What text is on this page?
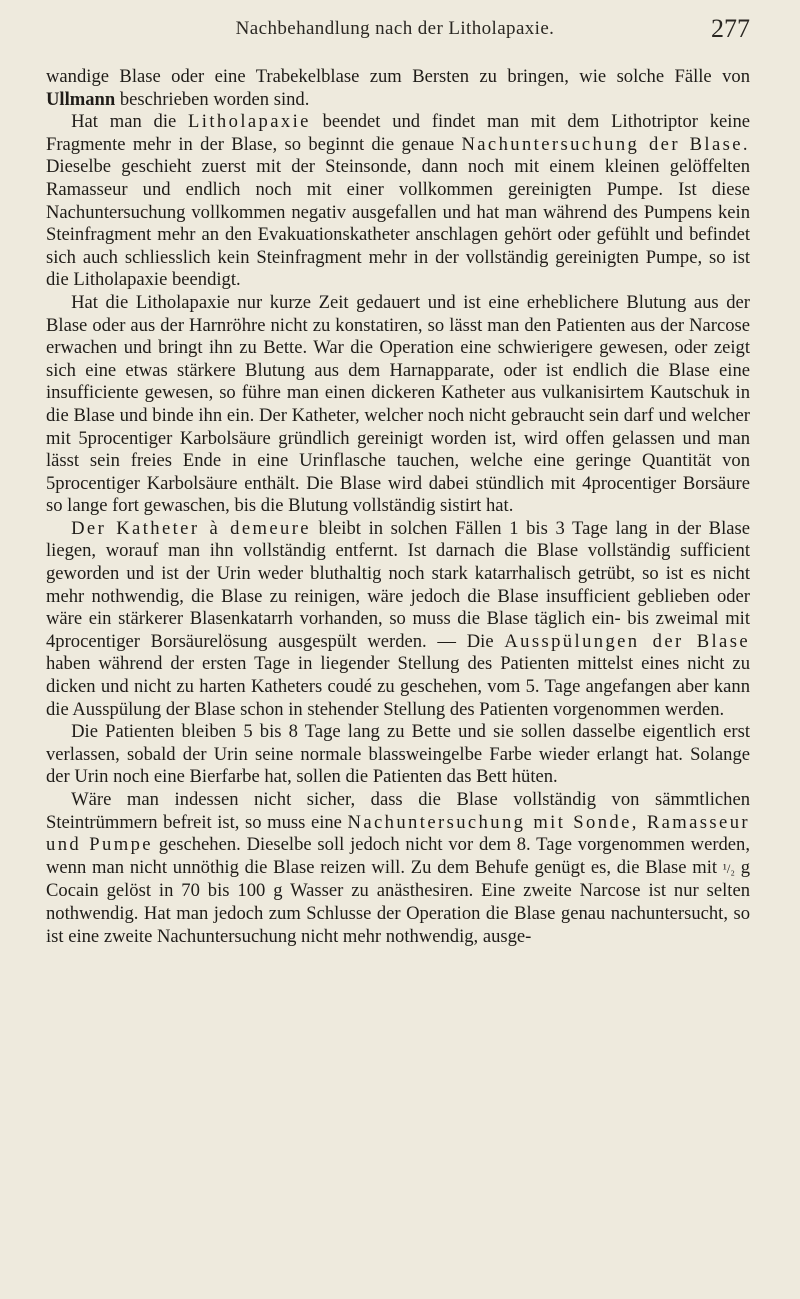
Nachbehandlung nach der Litholapaxie.	277

wandige Blase oder eine Trabekelblase zum Bersten zu bringen, wie solche Fälle von Ullmann beschrieben worden sind.

Hat man die Litholapaxie beendet und findet man mit dem Lithotriptor keine Fragmente mehr in der Blase, so beginnt die genaue Nachuntersuchung der Blase. Dieselbe geschieht zuerst mit der Steinsonde, dann noch mit einem kleinen gelöffelten Ramasseur und endlich noch mit einer vollkommen gereinigten Pumpe. Ist diese Nachuntersuchung vollkommen negativ ausgefallen und hat man während des Pumpens kein Steinfragment mehr an den Evakuationskatheter anschlagen gehört oder gefühlt und befindet sich auch schliesslich kein Steinfragment mehr in der vollständig gereinigten Pumpe, so ist die Litholapaxie beendigt.

Hat die Litholapaxie nur kurze Zeit gedauert und ist eine erheblichere Blutung aus der Blase oder aus der Harnröhre nicht zu konstatiren, so lässt man den Patienten aus der Narcose erwachen und bringt ihn zu Bette. War die Operation eine schwierigere gewesen, oder zeigt sich eine etwas stärkere Blutung aus dem Harnapparate, oder ist endlich die Blase eine insufficiente gewesen, so führe man einen dickeren Katheter aus vulkanisirtem Kautschuk in die Blase und binde ihn ein. Der Katheter, welcher noch nicht gebraucht sein darf und welcher mit 5procentiger Karbolsäure gründlich gereinigt worden ist, wird offen gelassen und man lässt sein freies Ende in eine Urinflasche tauchen, welche eine geringe Quantität von 5procentiger Karbolsäure enthält. Die Blase wird dabei stündlich mit 4procentiger Borsäure so lange fort gewaschen, bis die Blutung vollständig sistirt hat.

Der Katheter à demeure bleibt in solchen Fällen 1 bis 3 Tage lang in der Blase liegen, worauf man ihn vollständig entfernt. Ist darnach die Blase vollständig sufficient geworden und ist der Urin weder bluthaltig noch stark katarrhalisch getrübt, so ist es nicht mehr nothwendig, die Blase zu reinigen, wäre jedoch die Blase insufficient geblieben oder wäre ein stärkerer Blasenkatarrh vorhanden, so muss die Blase täglich ein- bis zweimal mit 4procentiger Borsäurelösung ausgespült werden. — Die Ausspülungen der Blase haben während der ersten Tage in liegender Stellung des Patienten mittelst eines nicht zu dicken und nicht zu harten Katheters coudé zu geschehen, vom 5. Tage angefangen aber kann die Ausspülung der Blase schon in stehender Stellung des Patienten vorgenommen werden.

Die Patienten bleiben 5 bis 8 Tage lang zu Bette und sie sollen dasselbe eigentlich erst verlassen, sobald der Urin seine normale blassweingelbe Farbe wieder erlangt hat. Solange der Urin noch eine Bierfarbe hat, sollen die Patienten das Bett hüten.

Wäre man indessen nicht sicher, dass die Blase vollständig von sämmtlichen Steintrümmern befreit ist, so muss eine Nachuntersuchung mit Sonde, Ramasseur und Pumpe geschehen. Dieselbe soll jedoch nicht vor dem 8. Tage vorgenommen werden, wenn man nicht unnöthig die Blase reizen will. Zu dem Behufe genügt es, die Blase mit ¹/₂ g Cocain gelöst in 70 bis 100 g Wasser zu anästhesiren. Eine zweite Narcose ist nur selten nothwendig. Hat man jedoch zum Schlusse der Operation die Blase genau nachuntersucht, so ist eine zweite Nachuntersuchung nicht mehr nothwendig, ausge-
